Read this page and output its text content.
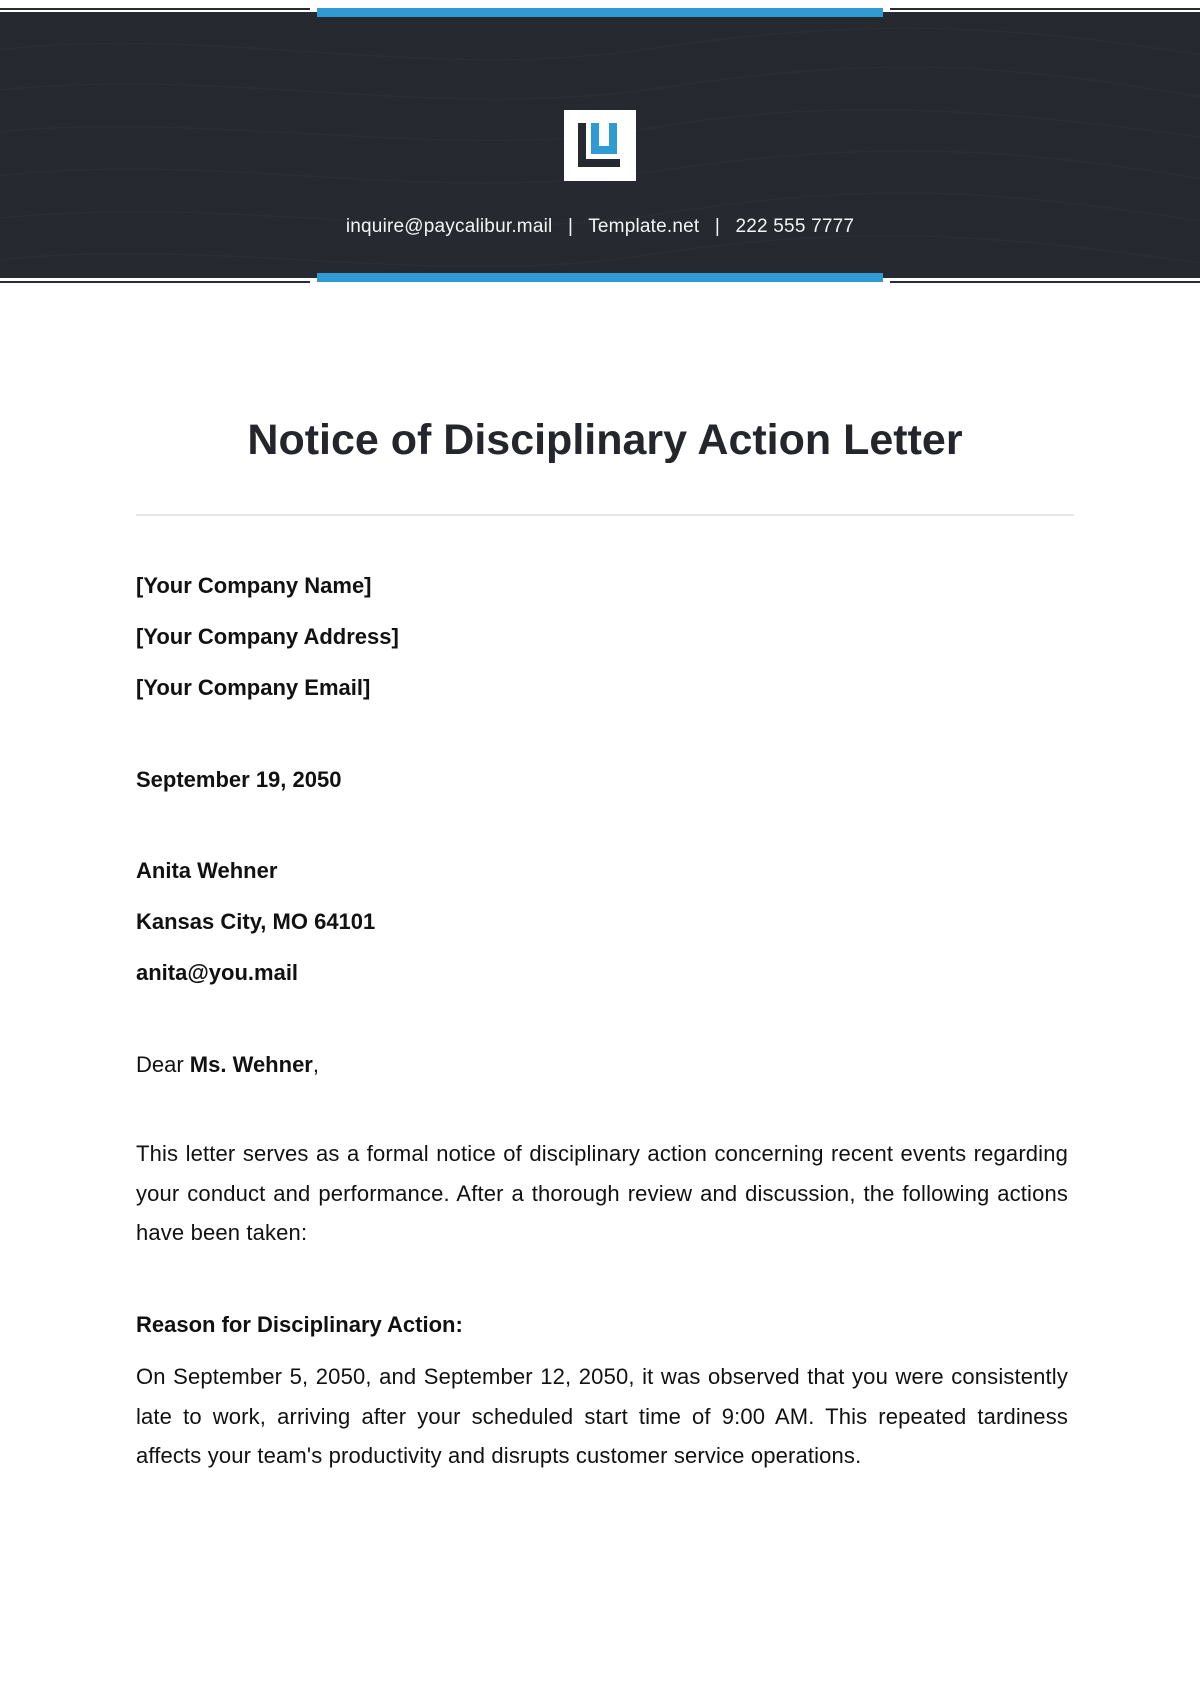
inquire@paycalibur.mail | Template.net | 222 555 7777
Notice of Disciplinary Action Letter

[Your Company Name]

[Your Company Address]

[Your Company Email]

September 19, 2050

Anita Wehner

Kansas City, MO 64101

anita@you.mail

Dear Ms. Wehner,

This letter serves as a formal notice of disciplinary action concerning recent events regarding your conduct and performance. After a thorough review and discussion, the following actions have been taken:

Reason for Disciplinary Action:

On September 5, 2050, and September 12, 2050, it was observed that you were consistently late to work, arriving after your scheduled start time of 9:00 AM. This repeated tardiness affects your team's productivity and disrupts customer service operations.
